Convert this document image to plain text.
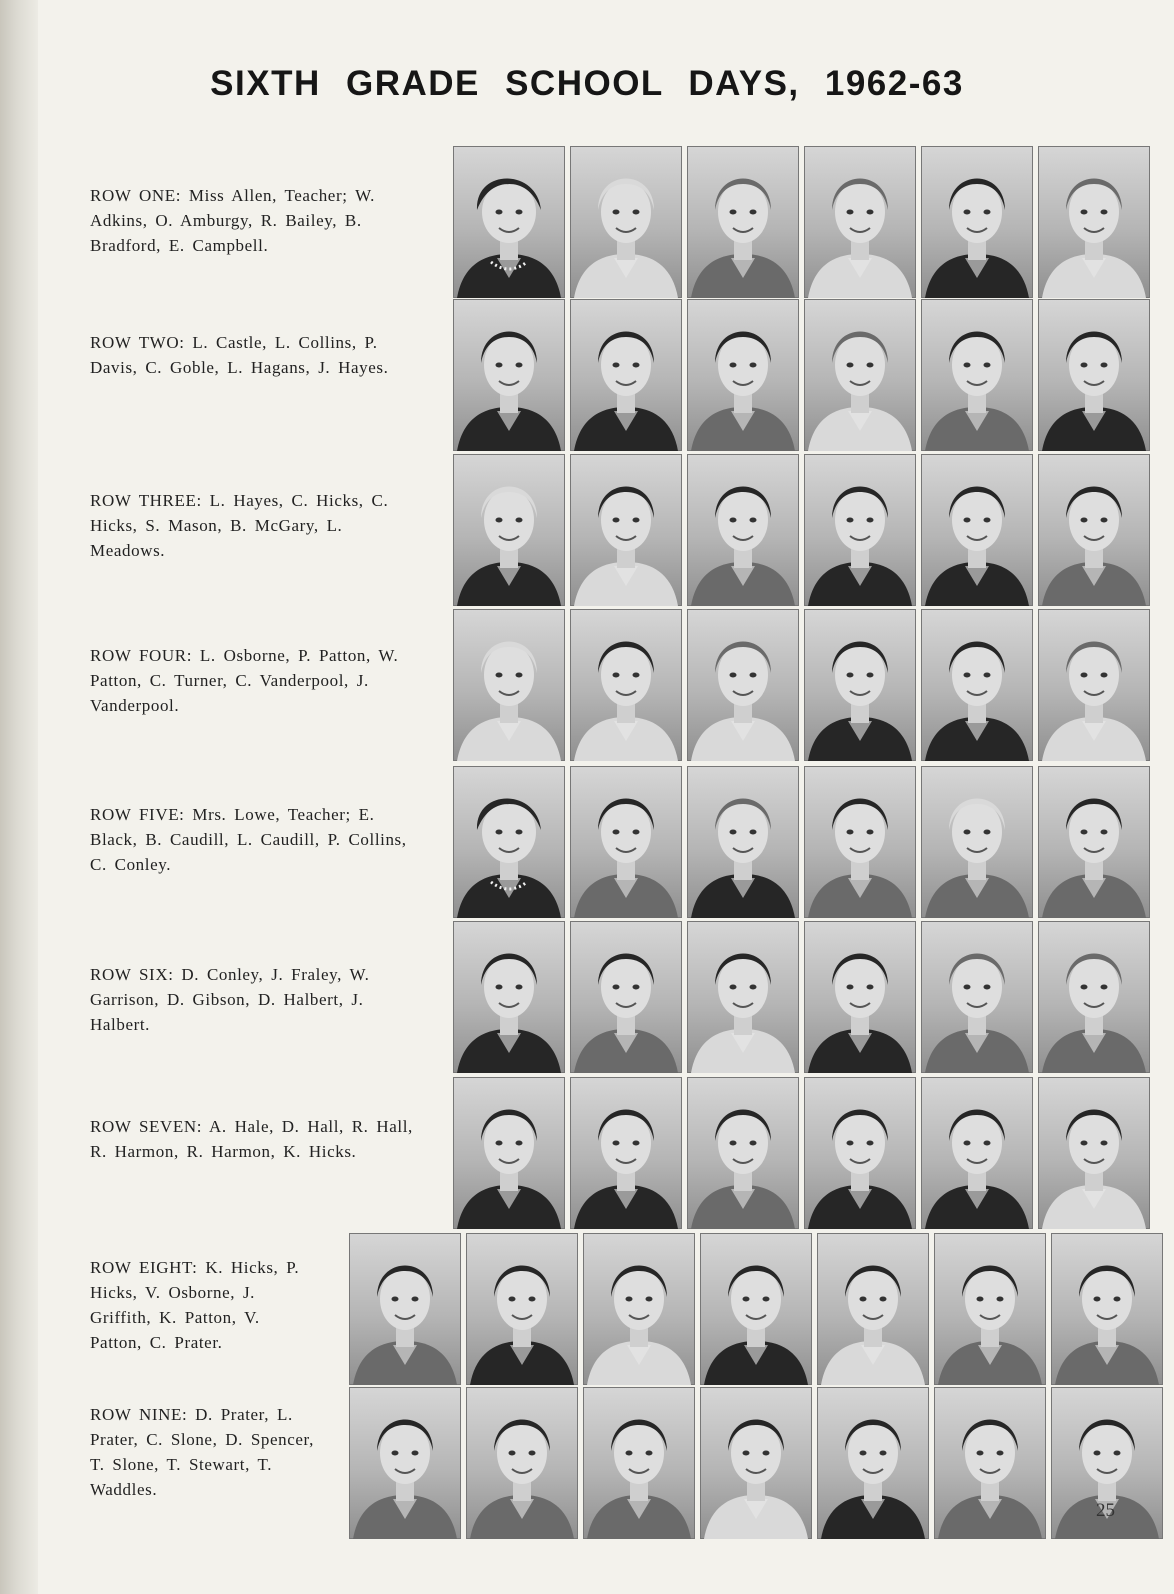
SIXTH GRADE SCHOOL DAYS, 1962-63
ROW ONE: Miss Allen, Teacher; W. Adkins, O. Amburgy, R. Bailey, B. Bradford, E. Campbell.
ROW TWO: L. Castle, L. Collins, P. Davis, C. Goble, L. Hagans, J. Hayes.
ROW THREE: L. Hayes, C. Hicks, C. Hicks, S. Mason, B. McGary, L. Meadows.
ROW FOUR: L. Osborne, P. Patton, W. Patton, C. Turner, C. Vanderpool, J. Vanderpool.
ROW FIVE: Mrs. Lowe, Teacher; E. Black, B. Caudill, L. Caudill, P. Collins, C. Conley.
ROW SIX: D. Conley, J. Fraley, W. Garrison, D. Gibson, D. Halbert, J. Halbert.
ROW SEVEN: A. Hale, D. Hall, R. Hall, R. Harmon, R. Harmon, K. Hicks.
ROW EIGHT: K. Hicks, P. Hicks, V. Osborne, J. Griffith, K. Patton, V. Patton, C. Prater.
ROW NINE: D. Prater, L. Prater, C. Slone, D. Spencer, T. Slone, T. Stewart, T. Waddles.
25
